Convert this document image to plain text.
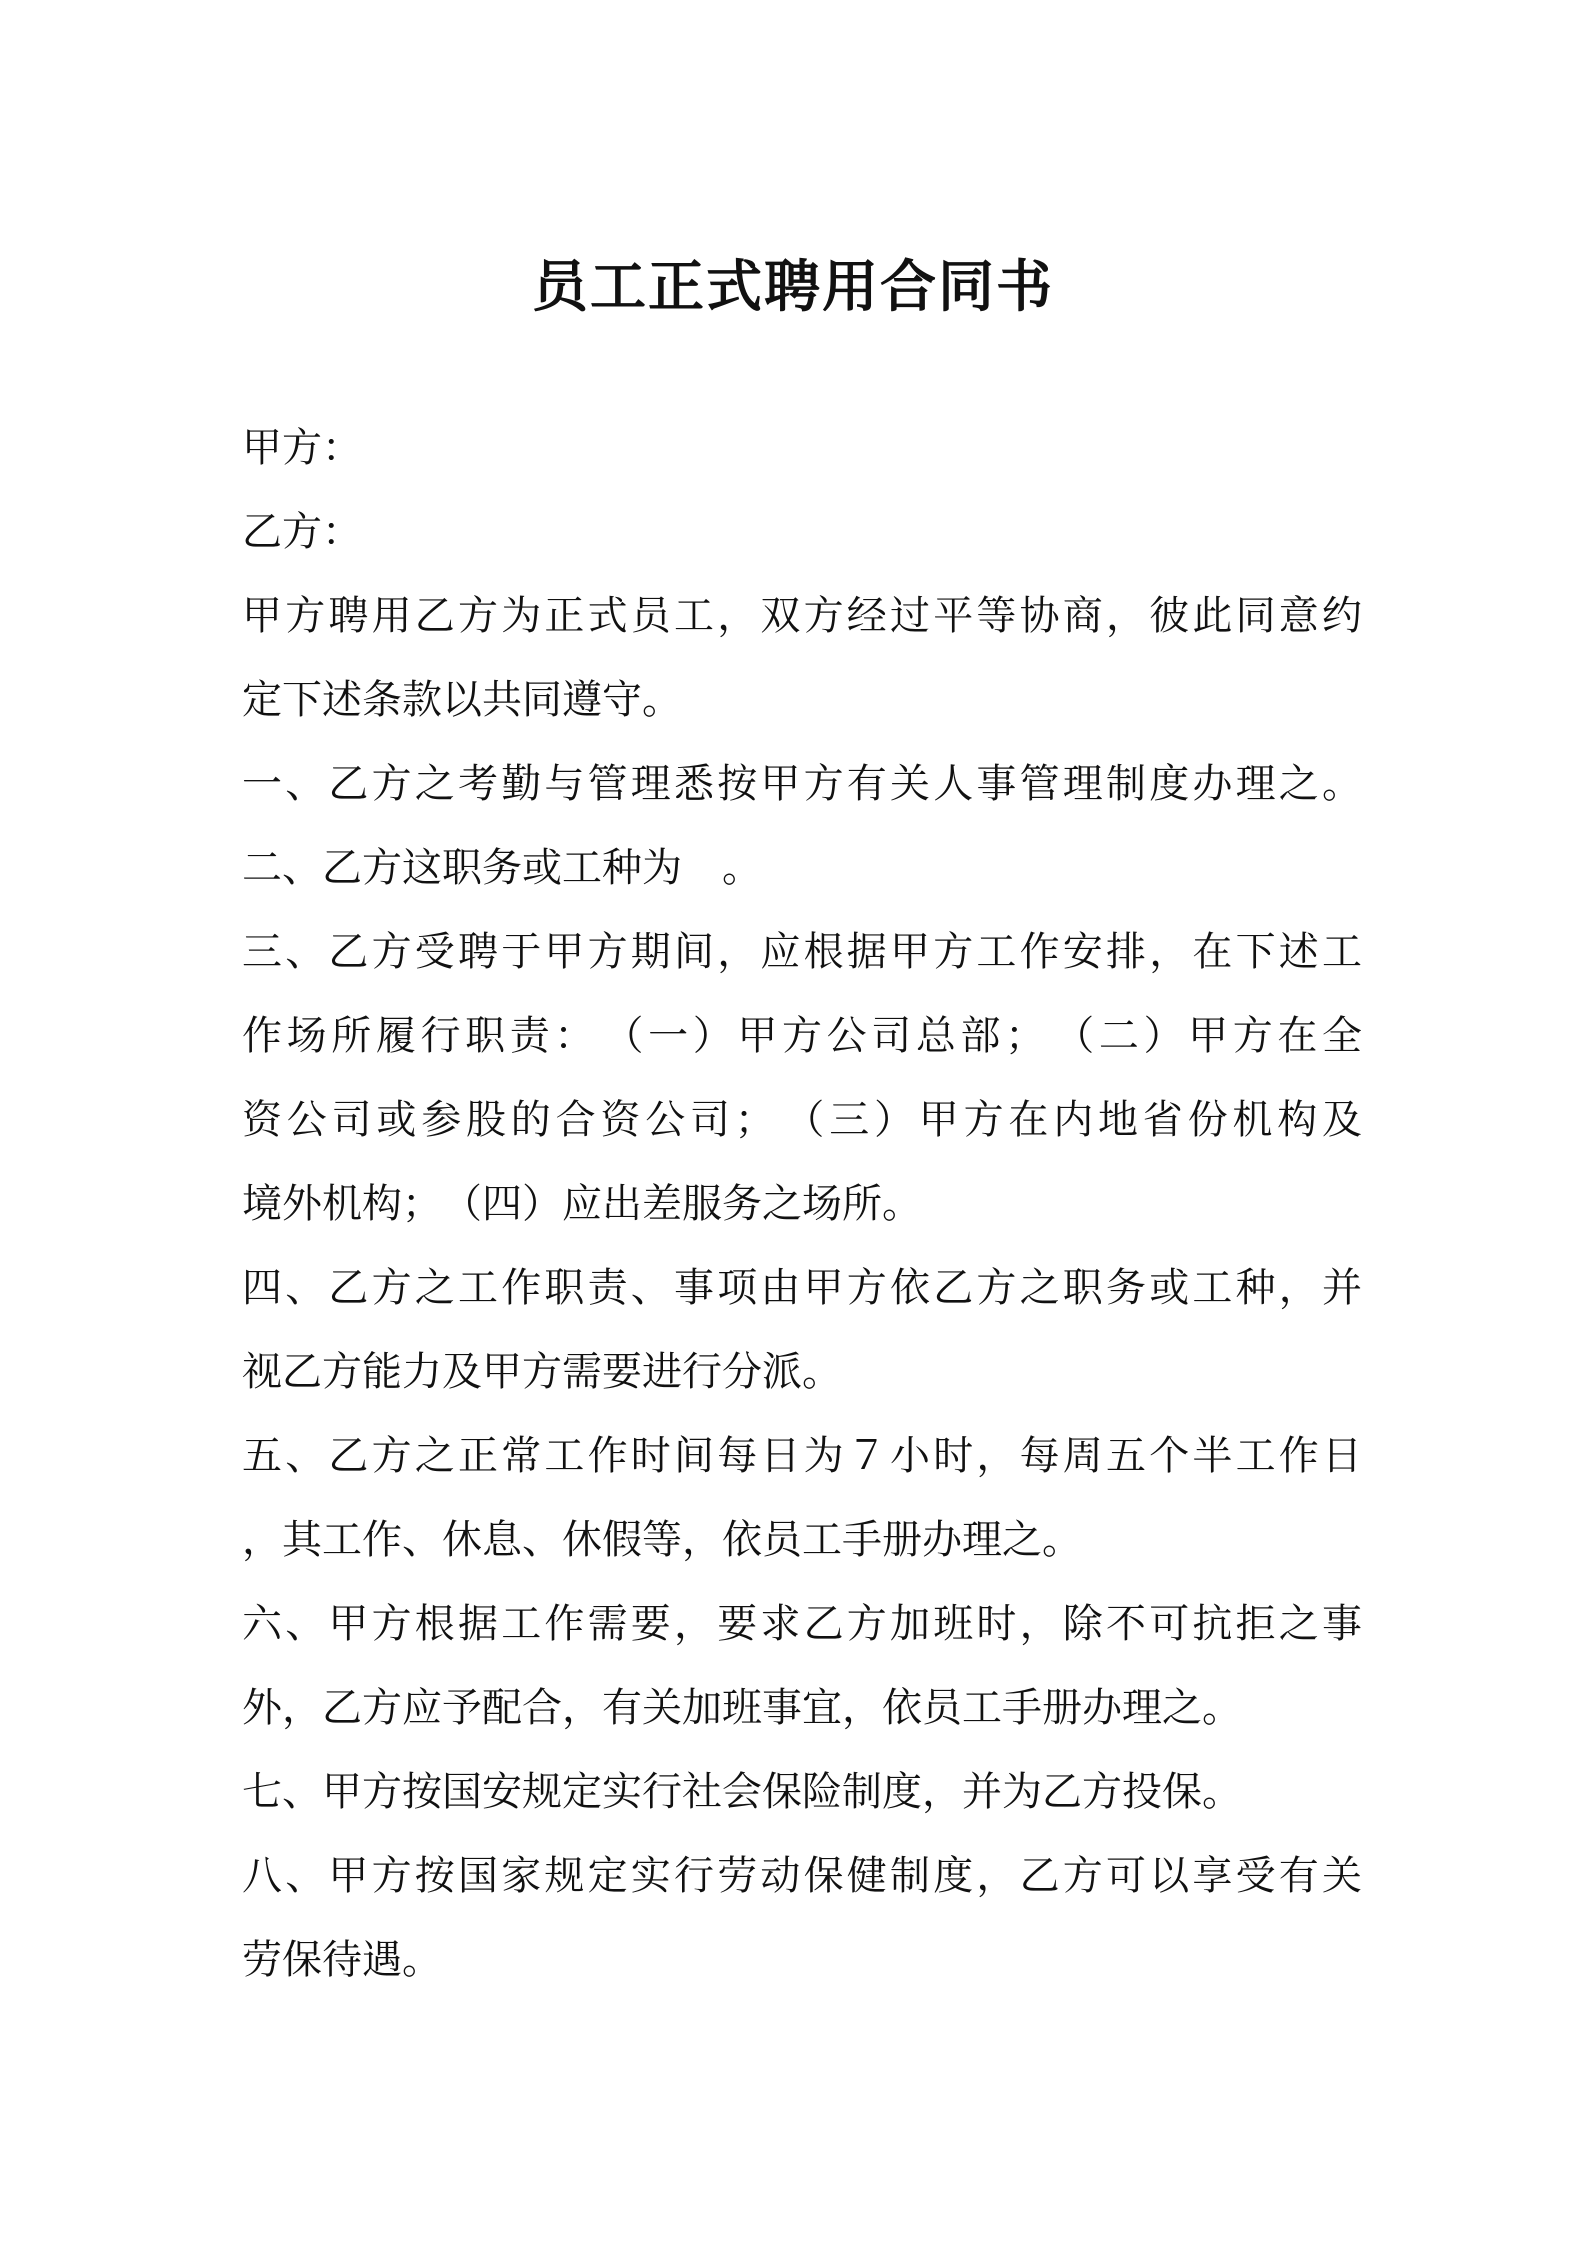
员工正式聘用合同书
甲方：
乙方：
甲方聘用乙方为正式员工，双方经过平等协商，彼此同意约
定下述条款以共同遵守。
一、乙方之考勤与管理悉按甲方有关人事管理制度办理之。
二、乙方这职务或工种为　。
三、乙方受聘于甲方期间，应根据甲方工作安排，在下述工
作场所履行职责：　（一）甲方公司总部；　（二）甲方在全
资公司或参股的合资公司；　（三）甲方在内地省份机构及
境外机构；　（四）应出差服务之场所。
四、乙方之工作职责、事项由甲方依乙方之职务或工种，并
视乙方能力及甲方需要进行分派。
五、乙方之正常工作时间每日为７小时，每周五个半工作日
，其工作、休息、休假等，依员工手册办理之。
六、甲方根据工作需要，要求乙方加班时，除不可抗拒之事
外，乙方应予配合，有关加班事宜，依员工手册办理之。
七、甲方按国安规定实行社会保险制度，并为乙方投保。
八、甲方按国家规定实行劳动保健制度，乙方可以享受有关
劳保待遇。
